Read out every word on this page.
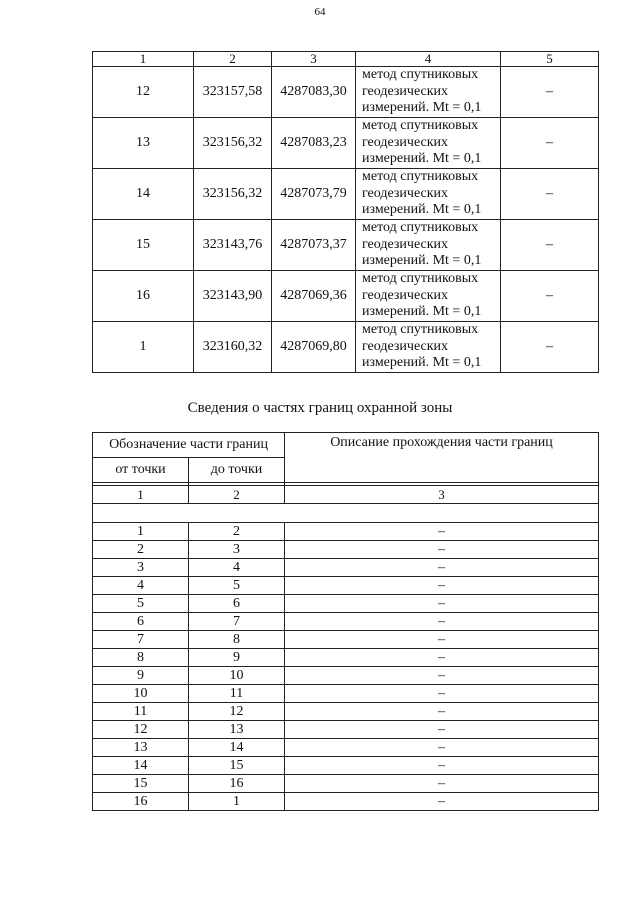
64
1	2	3	4	5
12	323157,58	4287083,30	метод спутниковых
геодезических
измерений. Mt = 0,1	–
13	323156,32	4287083,23	метод спутниковых
геодезических
измерений. Mt = 0,1	–
14	323156,32	4287073,79	метод спутниковых
геодезических
измерений. Mt = 0,1	–
15	323143,76	4287073,37	метод спутниковых
геодезических
измерений. Mt = 0,1	–
16	323143,90	4287069,36	метод спутниковых
геодезических
измерений. Mt = 0,1	–
1	323160,32	4287069,80	метод спутниковых
геодезических
измерений. Mt = 0,1	–
Сведения о частях границ охранной зоны
Обозначение части границ		Описание прохождения части границ
от точки	до точки	

1	2	3

1	2	–
2	3	–
3	4	–
4	5	–
5	6	–
6	7	–
7	8	–
8	9	–
9	10	–
10	11	–
11	12	–
12	13	–
13	14	–
14	15	–
15	16	–
16	1	–
